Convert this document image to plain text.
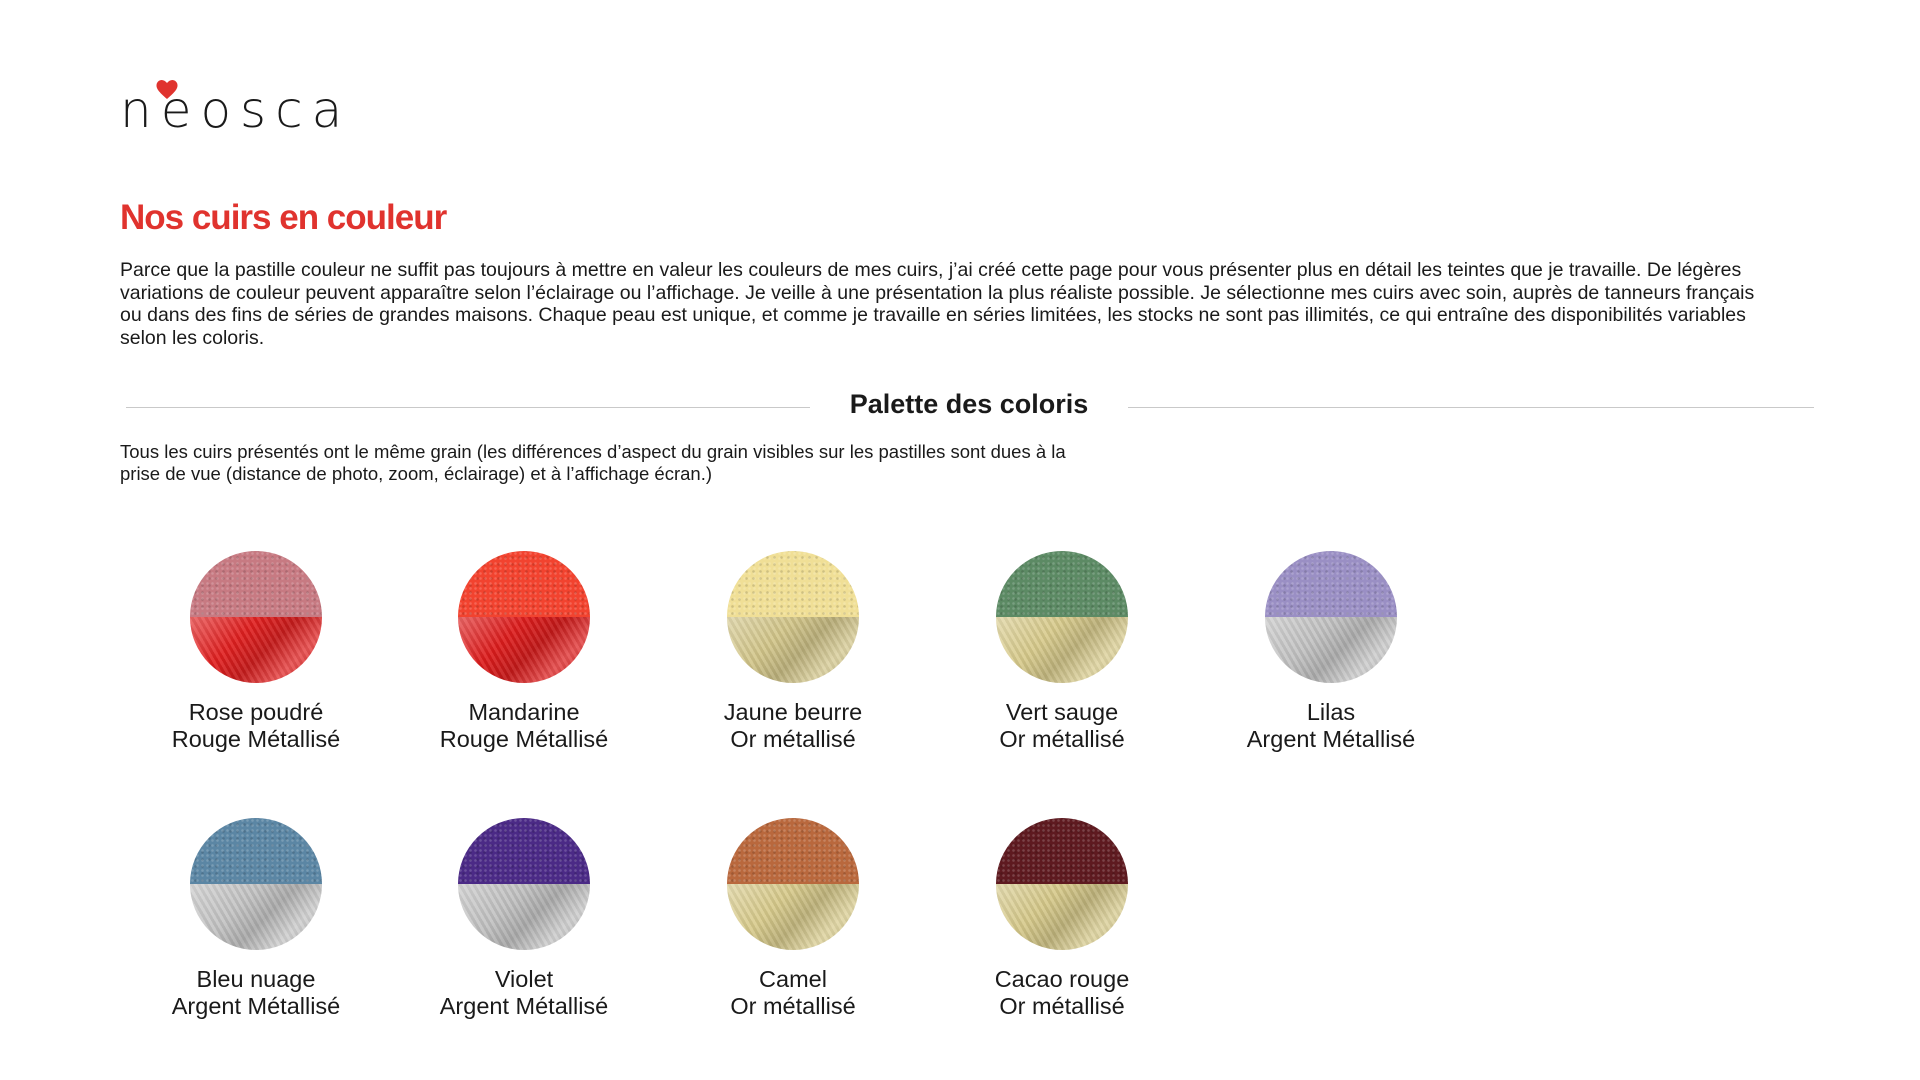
neosca
Nos cuirs en couleur

Parce que la pastille couleur ne suffit pas toujours à mettre en valeur les couleurs de mes cuirs, j’ai créé cette page pour vous présenter plus en détail les teintes que je travaille. De légères variations de couleur peuvent apparaître selon l’éclairage ou l’affichage. Je veille à une présentation la plus réaliste possible. Je sélectionne mes cuirs avec soin, auprès de tanneurs français ou dans des fins de séries de grandes maisons. Chaque peau est unique, et comme je travaille en séries limitées, les stocks ne sont pas illimités, ce qui entraîne des disponibilités variables selon les coloris.

Palette des coloris

Tous les cuirs présentés ont le même grain (les différences d’aspect du grain visibles sur les pastilles sont dues à la prise de vue (distance de photo, zoom, éclairage) et à l’affichage écran.)

Rose poudré
Rouge Métallisé
Mandarine
Rouge Métallisé
Jaune beurre
Or métallisé
Vert sauge
Or métallisé
Lilas
Argent Métallisé
Bleu nuage
Argent Métallisé
Violet
Argent Métallisé
Camel
Or métallisé
Cacao rouge
Or métallisé
